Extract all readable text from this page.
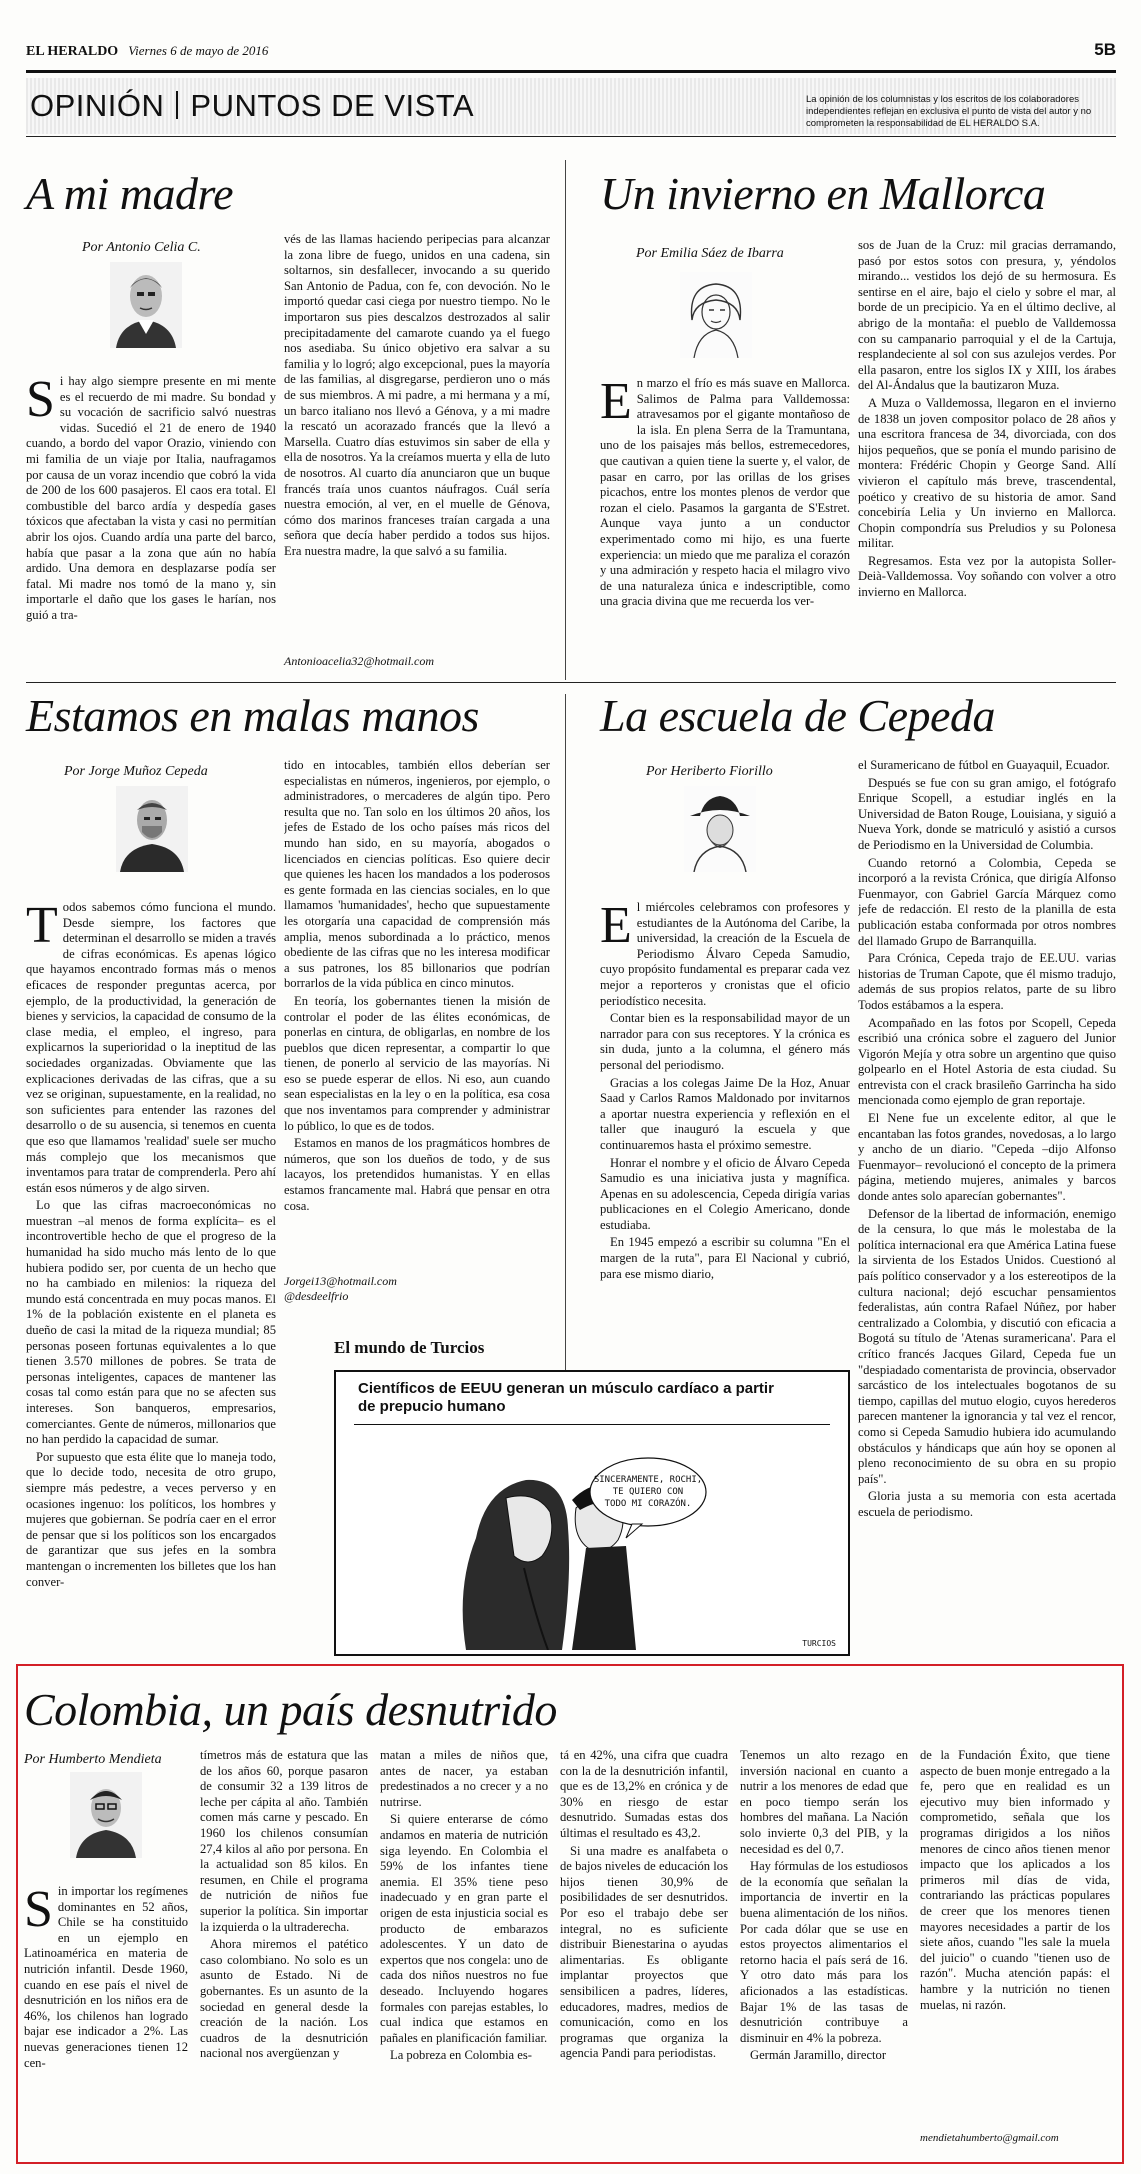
EL HERALDO Viernes 6 de mayo de 2016	5B
OPINIÓN PUNTOS DE VISTA	La opinión de los columnistas y los escritos de los colaboradores independientes reflejan en exclusiva el punto de vista del autor y no comprometen la responsabilidad de EL HERALDO S.A.
A mi madre
Por Antonio Celia C.
S i hay algo siempre presente en mi mente es el recuerdo de mi madre. Su bondad y su vocación de sacrificio salvó nuestras vidas. Sucedió el 21 de enero de 1940 cuando, a bordo del vapor Orazio, viniendo con mi familia de un viaje por Italia, naufragamos por causa de un voraz incendio que cobró la vida de 200 de los 600 pasajeros. El caos era total. El combustible del barco ardía y despedía gases tóxicos que afectaban la vista y casi no permitían abrir los ojos. Cuando ardía una parte del barco, había que pasar a la zona que aún no había ardido. Una demora en desplazarse podía ser fatal. Mi madre nos tomó de la mano y, sin importarle el daño que los gases le harían, nos guió a tra-

vés de las llamas haciendo peripecias para alcanzar la zona libre de fuego, unidos en una cadena, sin soltarnos, sin desfallecer, invocando a su querido San Antonio de Padua, con fe, con devoción. No le importó quedar casi ciega por nuestro tiempo. No le importaron sus pies descalzos destrozados al salir precipitadamente del camarote cuando ya el fuego nos asediaba. Su único objetivo era salvar a su familia y lo logró; algo excepcional, pues la mayoría de las familias, al disgregarse, perdieron uno o más de sus miembros. A mi padre, a mi hermana y a mí, un barco italiano nos llevó a Génova, y a mi madre la rescató un acorazado francés que la llevó a Marsella. Cuatro días estuvimos sin saber de ella y ella de nosotros. Ya la creíamos muerta y ella de luto de nosotros. Al cuarto día anunciaron que un buque francés traía unos cuantos náufragos. Cuál sería nuestra emoción, al ver, en el muelle de Génova, cómo dos marinos franceses traían cargada a una señora que decía haber perdido a todos sus hijos. Era nuestra madre, la que salvó a su familia.

Antonioacelia32@hotmail.com
Un invierno en Mallorca
Por Emilia Sáez de Ibarra
E n marzo el frío es más suave en Mallorca. Salimos de Palma para Valldemossa: atravesamos por el gigante montañoso de la isla. En plena Serra de la Tramuntana, uno de los paisajes más bellos, estremecedores, que cautivan a quien tiene la suerte y, el valor, de pasar en carro, por las orillas de los grises picachos, entre los montes plenos de verdor que rozan el cielo. Pasamos la garganta de S'Estret. Aunque vaya junto a un conductor experimentado como mi hijo, es una fuerte experiencia: un miedo que me paraliza el corazón y una admiración y respeto hacia el milagro vivo de una naturaleza única e indescriptible, como una gracia divina que me recuerda los ver-

sos de Juan de la Cruz: mil gracias derramando, pasó por estos sotos con presura, y, yéndolos mirando... vestidos los dejó de su hermosura. Es sentirse en el aire, bajo el cielo y sobre el mar, al borde de un precipicio. Ya en el último declive, al abrigo de la montaña: el pueblo de Valldemossa con su campanario parroquial y el de la Cartuja, resplandeciente al sol con sus azulejos verdes. Por ella pasaron, entre los siglos IX y XIII, los árabes del Al-Ándalus que la bautizaron Muza.

A Muza o Valldemossa, llegaron en el invierno de 1838 un joven compositor polaco de 28 años y una escritora francesa de 34, divorciada, con dos hijos pequeños, que se ponía el mundo parisino de montera: Frédéric Chopin y George Sand. Allí vivieron el capítulo más breve, trascendental, poético y creativo de su historia de amor. Sand concebiría Lelia y Un invierno en Mallorca. Chopin compondría sus Preludios y su Polonesa militar.

Regresamos. Esta vez por la autopista Soller-Deià-Valldemossa. Voy soñando con volver a otro invierno en Mallorca.

Estamos en malas manos
Por Jorge Muñoz Cepeda
T odos sabemos cómo funciona el mundo. Desde siempre, los factores que determinan el desarrollo se miden a través de cifras económicas. Es apenas lógico que hayamos encontrado formas más o menos eficaces de responder preguntas acerca, por ejemplo, de la productividad, la generación de bienes y servicios, la capacidad de consumo de la clase media, el empleo, el ingreso, para explicarnos la superioridad o la ineptitud de las sociedades organizadas. Obviamente que las explicaciones derivadas de las cifras, que a su vez se originan, supuestamente, en la realidad, no son suficientes para entender las razones del desarrollo o de su ausencia, si tenemos en cuenta que eso que llamamos 'realidad' suele ser mucho más complejo que los mecanismos que inventamos para tratar de comprenderla. Pero ahí están esos números y de algo sirven.

Lo que las cifras macroeconómicas no muestran –al menos de forma explícita– es el incontrovertible hecho de que el progreso de la humanidad ha sido mucho más lento de lo que hubiera podido ser, por cuenta de un hecho que no ha cambiado en milenios: la riqueza del mundo está concentrada en muy pocas manos. El 1% de la población existente en el planeta es dueño de casi la mitad de la riqueza mundial; 85 personas poseen fortunas equivalentes a lo que tienen 3.570 millones de pobres. Se trata de personas inteligentes, capaces de mantener las cosas tal como están para que no se afecten sus intereses. Son banqueros, empresarios, comerciantes. Gente de números, millonarios que no han perdido la capacidad de sumar.

Por supuesto que esta élite que lo maneja todo, que lo decide todo, necesita de otro grupo, siempre más pedestre, a veces perverso y en ocasiones ingenuo: los políticos, los hombres y mujeres que gobiernan. Se podría caer en el error de pensar que si los políticos son los encargados de garantizar que sus jefes en la sombra mantengan o incrementen los billetes que los han conver-

tido en intocables, también ellos deberían ser especialistas en números, ingenieros, por ejemplo, o administradores, o mercaderes de algún tipo. Pero resulta que no. Tan solo en los últimos 20 años, los jefes de Estado de los ocho países más ricos del mundo han sido, en su mayoría, abogados o licenciados en ciencias políticas. Eso quiere decir que quienes les hacen los mandados a los poderosos es gente formada en las ciencias sociales, en lo que llamamos 'humanidades', hecho que supuestamente les otorgaría una capacidad de comprensión más amplia, menos subordinada a lo práctico, menos obediente de las cifras que no les interesa modificar a sus patrones, los 85 billonarios que podrían borrarlos de la vida pública en cinco minutos.

En teoría, los gobernantes tienen la misión de controlar el poder de las élites económicas, de ponerlas en cintura, de obligarlas, en nombre de los pueblos que dicen representar, a compartir lo que tienen, de ponerlo al servicio de las mayorías. Ni eso se puede esperar de ellos. Ni eso, aun cuando sean especialistas en la ley o en la política, esa cosa que nos inventamos para comprender y administrar lo público, lo que es de todos.

Estamos en manos de los pragmáticos hombres de números, que son los dueños de todo, y de sus lacayos, los pretendidos humanistas. Y en ellas estamos francamente mal. Habrá que pensar en otra cosa.

Jorgei13@hotmail.com
@desdeelfrio
La escuela de Cepeda
Por Heriberto Fiorillo
E l miércoles celebramos con profesores y estudiantes de la Autónoma del Caribe, la universidad, la creación de la Escuela de Periodismo Álvaro Cepeda Samudio, cuyo propósito fundamental es preparar cada vez mejor a reporteros y cronistas que el oficio periodístico necesita.

Contar bien es la responsabilidad mayor de un narrador para con sus receptores. Y la crónica es sin duda, junto a la columna, el género más personal del periodismo.

Gracias a los colegas Jaime De la Hoz, Anuar Saad y Carlos Ramos Maldonado por invitarnos a aportar nuestra experiencia y reflexión en el taller que inauguró la escuela y que continuaremos hasta el próximo semestre.

Honrar el nombre y el oficio de Álvaro Cepeda Samudio es una iniciativa justa y magnífica. Apenas en su adolescencia, Cepeda dirigía varias publicaciones en el Colegio Americano, donde estudiaba.

En 1945 empezó a escribir su columna "En el margen de la ruta", para El Nacional y cubrió, para ese mismo diario,

el Suramericano de fútbol en Guayaquil, Ecuador.

Después se fue con su gran amigo, el fotógrafo Enrique Scopell, a estudiar inglés en la Universidad de Baton Rouge, Louisiana, y siguió a Nueva York, donde se matriculó y asistió a cursos de Periodismo en la Universidad de Columbia.

Cuando retornó a Colombia, Cepeda se incorporó a la revista Crónica, que dirigía Alfonso Fuenmayor, con Gabriel García Márquez como jefe de redacción. El resto de la planilla de esta publicación estaba conformada por otros nombres del llamado Grupo de Barranquilla.

Para Crónica, Cepeda trajo de EE.UU. varias historias de Truman Capote, que él mismo tradujo, además de sus propios relatos, parte de su libro Todos estábamos a la espera.

Acompañado en las fotos por Scopell, Cepeda escribió una crónica sobre el zaguero del Junior Vigorón Mejía y otra sobre un argentino que quiso golpearlo en el Hotel Astoria de esta ciudad. Su entrevista con el crack brasileño Garrincha ha sido mencionada como ejemplo de gran reportaje.

El Nene fue un excelente editor, al que le encantaban las fotos grandes, novedosas, a lo largo y ancho de un diario. "Cepeda –dijo Alfonso Fuenmayor– revolucionó el concepto de la primera página, metiendo mujeres, animales y barcos donde antes solo aparecían gobernantes".

Defensor de la libertad de información, enemigo de la censura, lo que más le molestaba de la política internacional era que América Latina fuese la sirvienta de los Estados Unidos. Cuestionó al país político conservador y a los estereotipos de la cultura nacional; dejó escuchar pensamientos federalistas, aún contra Rafael Núñez, por haber centralizado a Colombia, y discutió con eficacia a Bogotá su título de 'Atenas suramericana'. Para el crítico francés Jacques Gilard, Cepeda fue un "despiadado comentarista de provincia, observador sarcástico de los intelectuales bogotanos de su tiempo, capillas del mutuo elogio, cuyos herederos parecen mantener la ignorancia y tal vez el rencor, como si Cepeda Samudio hubiera ido acumulando obstáculos y hándicaps que aún hoy se oponen al pleno reconocimiento de su obra en su propio país".

Gloria justa a su memoria con esta acertada escuela de periodismo.

El mundo de Turcios
Científicos de EEUU generan un músculo cardíaco a partir de prepucio humano
SINCERAMENTE, ROCHI,
TE QUIERO CON
TODO MI CORAZÓN.
TURCIOS
Colombia, un país desnutrido
Por Humberto Mendieta
S in importar los regímenes dominantes en 52 años, Chile se ha constituido en un ejemplo en Latinoamérica en materia de nutrición infantil. Desde 1960, cuando en ese país el nivel de desnutrición en los niños era de 46%, los chilenos han logrado bajar ese indicador a 2%. Las nuevas generaciones tienen 12 cen-

tímetros más de estatura que las de los años 60, porque pasaron de consumir 32 a 139 litros de leche per cápita al año. También comen más carne y pescado. En 1960 los chilenos consumían 27,4 kilos al año por persona. En la actualidad son 85 kilos. En resumen, en Chile el programa de nutrición de niños fue superior la política. Sin importar la izquierda o la ultraderecha.

Ahora miremos el patético caso colombiano. No solo es un asunto de Estado. Ni de gobernantes. Es un asunto de la sociedad en general desde la creación de la nación. Los cuadros de la desnutrición nacional nos avergüenzan y

matan a miles de niños que, antes de nacer, ya estaban predestinados a no crecer y a no nutrirse.

Si quiere enterarse de cómo andamos en materia de nutrición siga leyendo. En Colombia el 59% de los infantes tiene anemia. El 35% tiene peso inadecuado y en gran parte el origen de esta injusticia social es producto de embarazos adolescentes. Y un dato de expertos que nos congela: uno de cada dos niños nuestros no fue deseado. Incluyendo hogares formales con parejas estables, lo cual indica que estamos en pañales en planificación familiar.

La pobreza en Colombia es-

tá en 42%, una cifra que cuadra con la de la desnutrición infantil, que es de 13,2% en crónica y de 30% en riesgo de estar desnutrido. Sumadas estas dos últimas el resultado es 43,2.

Si una madre es analfabeta o de bajos niveles de educación los hijos tienen 30,9% de posibilidades de ser desnutridos. Por eso el trabajo debe ser integral, no es suficiente distribuir Bienestarina o ayudas alimentarias. Es obligante implantar proyectos que sensibilicen a padres, líderes, educadores, madres, medios de comunicación, como en los programas que organiza la agencia Pandi para periodistas.

Tenemos un alto rezago en inversión nacional en cuanto a nutrir a los menores de edad que en poco tiempo serán los hombres del mañana. La Nación solo invierte 0,3 del PIB, y la necesidad es del 0,7.

Hay fórmulas de los estudiosos de la economía que señalan la importancia de invertir en la buena alimentación de los niños. Por cada dólar que se use en estos proyectos alimentarios el retorno hacia el país será de 16. Y otro dato más para los aficionados a las estadísticas. Bajar 1% de las tasas de desnutrición contribuye a disminuir en 4% la pobreza.

Germán Jaramillo, director

de la Fundación Éxito, que tiene aspecto de buen monje entregado a la fe, pero que en realidad es un ejecutivo muy bien informado y comprometido, señala que los programas dirigidos a los niños menores de cinco años tienen menor impacto que los aplicados a los primeros mil días de vida, contrariando las prácticas populares de creer que los menores tienen mayores necesidades a partir de los siete años, cuando "les sale la muela del juicio" o cuando "tienen uso de razón". Mucha atención papás: el hambre y la nutrición no tienen muelas, ni razón.

mendietahumberto@gmail.com
